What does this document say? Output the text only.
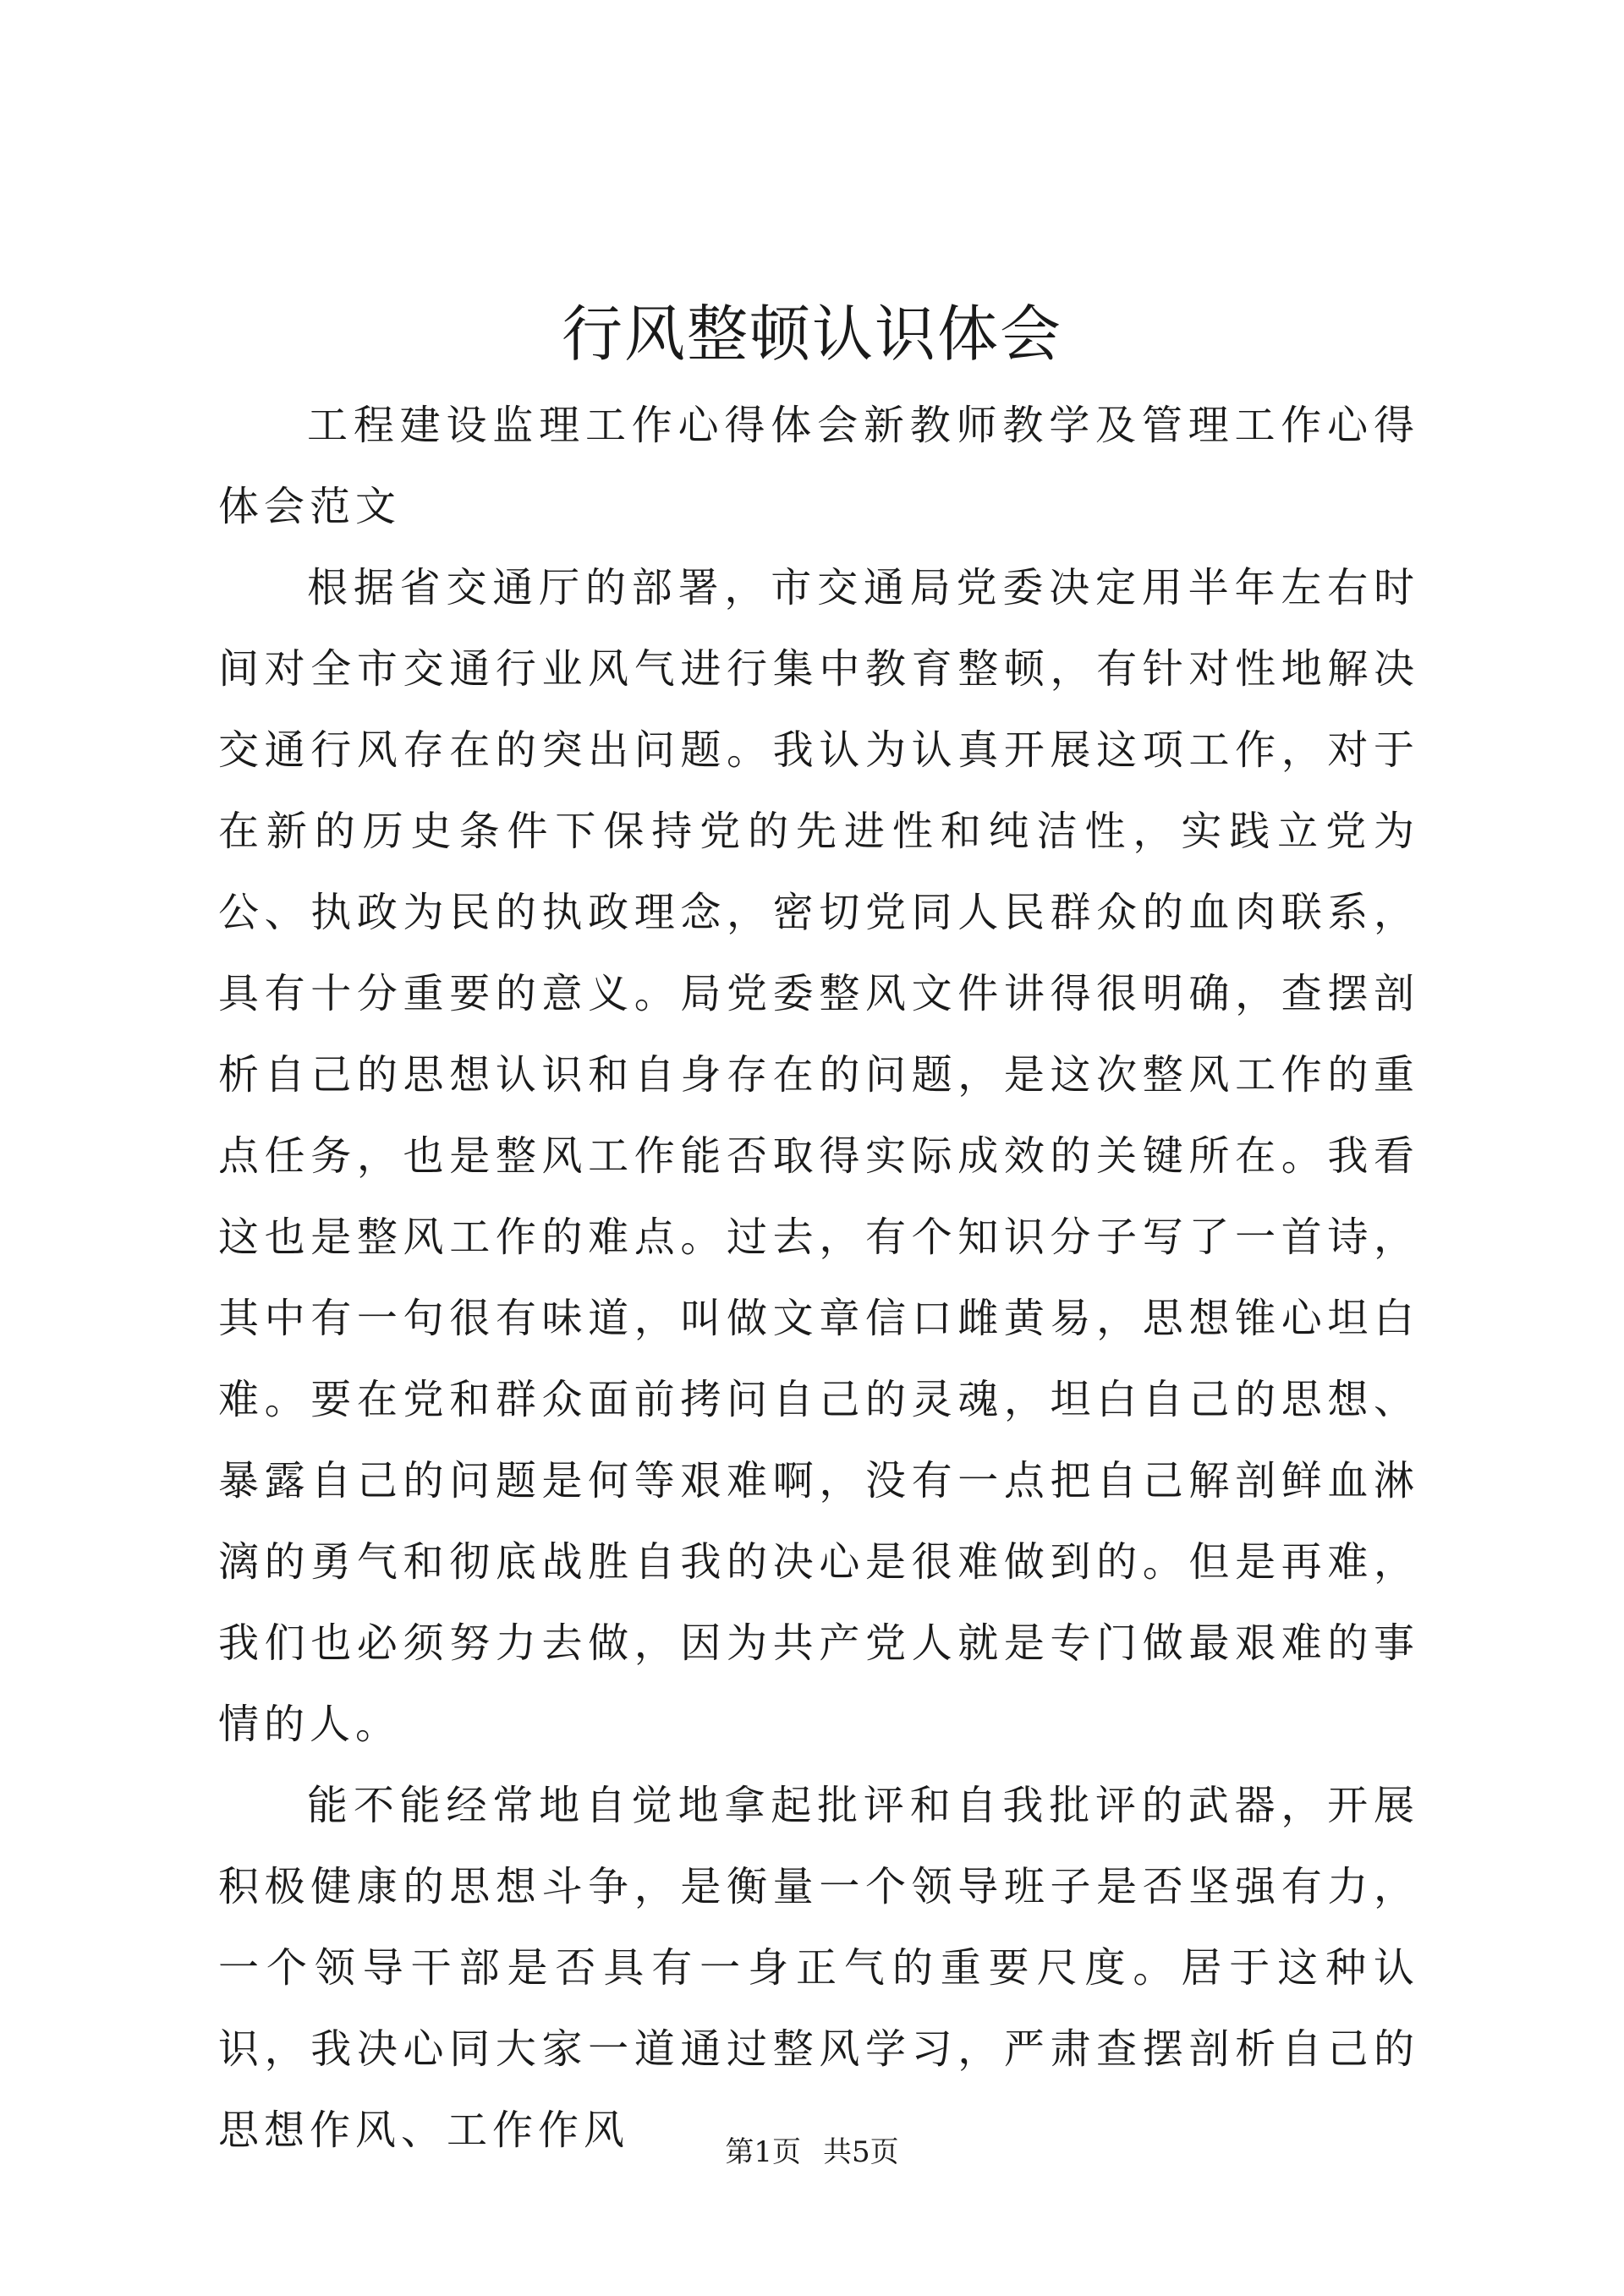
行风整顿认识体会

工程建设监理工作心得体会新教师教学及管理工作心得体会范文

根据省交通厅的部署，市交通局党委决定用半年左右时间对全市交通行业风气进行集中教育整顿，有针对性地解决交通行风存在的突出问题。我认为认真开展这项工作，对于在新的历史条件下保持党的先进性和纯洁性，实践立党为公、执政为民的执政理念，密切党同人民群众的血肉联系，具有十分重要的意义。局党委整风文件讲得很明确，查摆剖析自己的思想认识和自身存在的问题，是这次整风工作的重点任务，也是整风工作能否取得实际成效的关键所在。我看这也是整风工作的难点。过去，有个知识分子写了一首诗，其中有一句很有味道，叫做文章信口雌黄易，思想锥心坦白难。要在党和群众面前拷问自己的灵魂，坦白自己的思想、暴露自己的问题是何等艰难啊，没有一点把自己解剖鲜血淋漓的勇气和彻底战胜自我的决心是很难做到的。但是再难，我们也必须努力去做，因为共产党人就是专门做最艰难的事情的人。

能不能经常地自觉地拿起批评和自我批评的武器，开展积极健康的思想斗争，是衡量一个领导班子是否坚强有力，一个领导干部是否具有一身正气的重要尺度。居于这种认识，我决心同大家一道通过整风学习，严肃查摆剖析自己的思想作风、工作作风	第1页 共5页
